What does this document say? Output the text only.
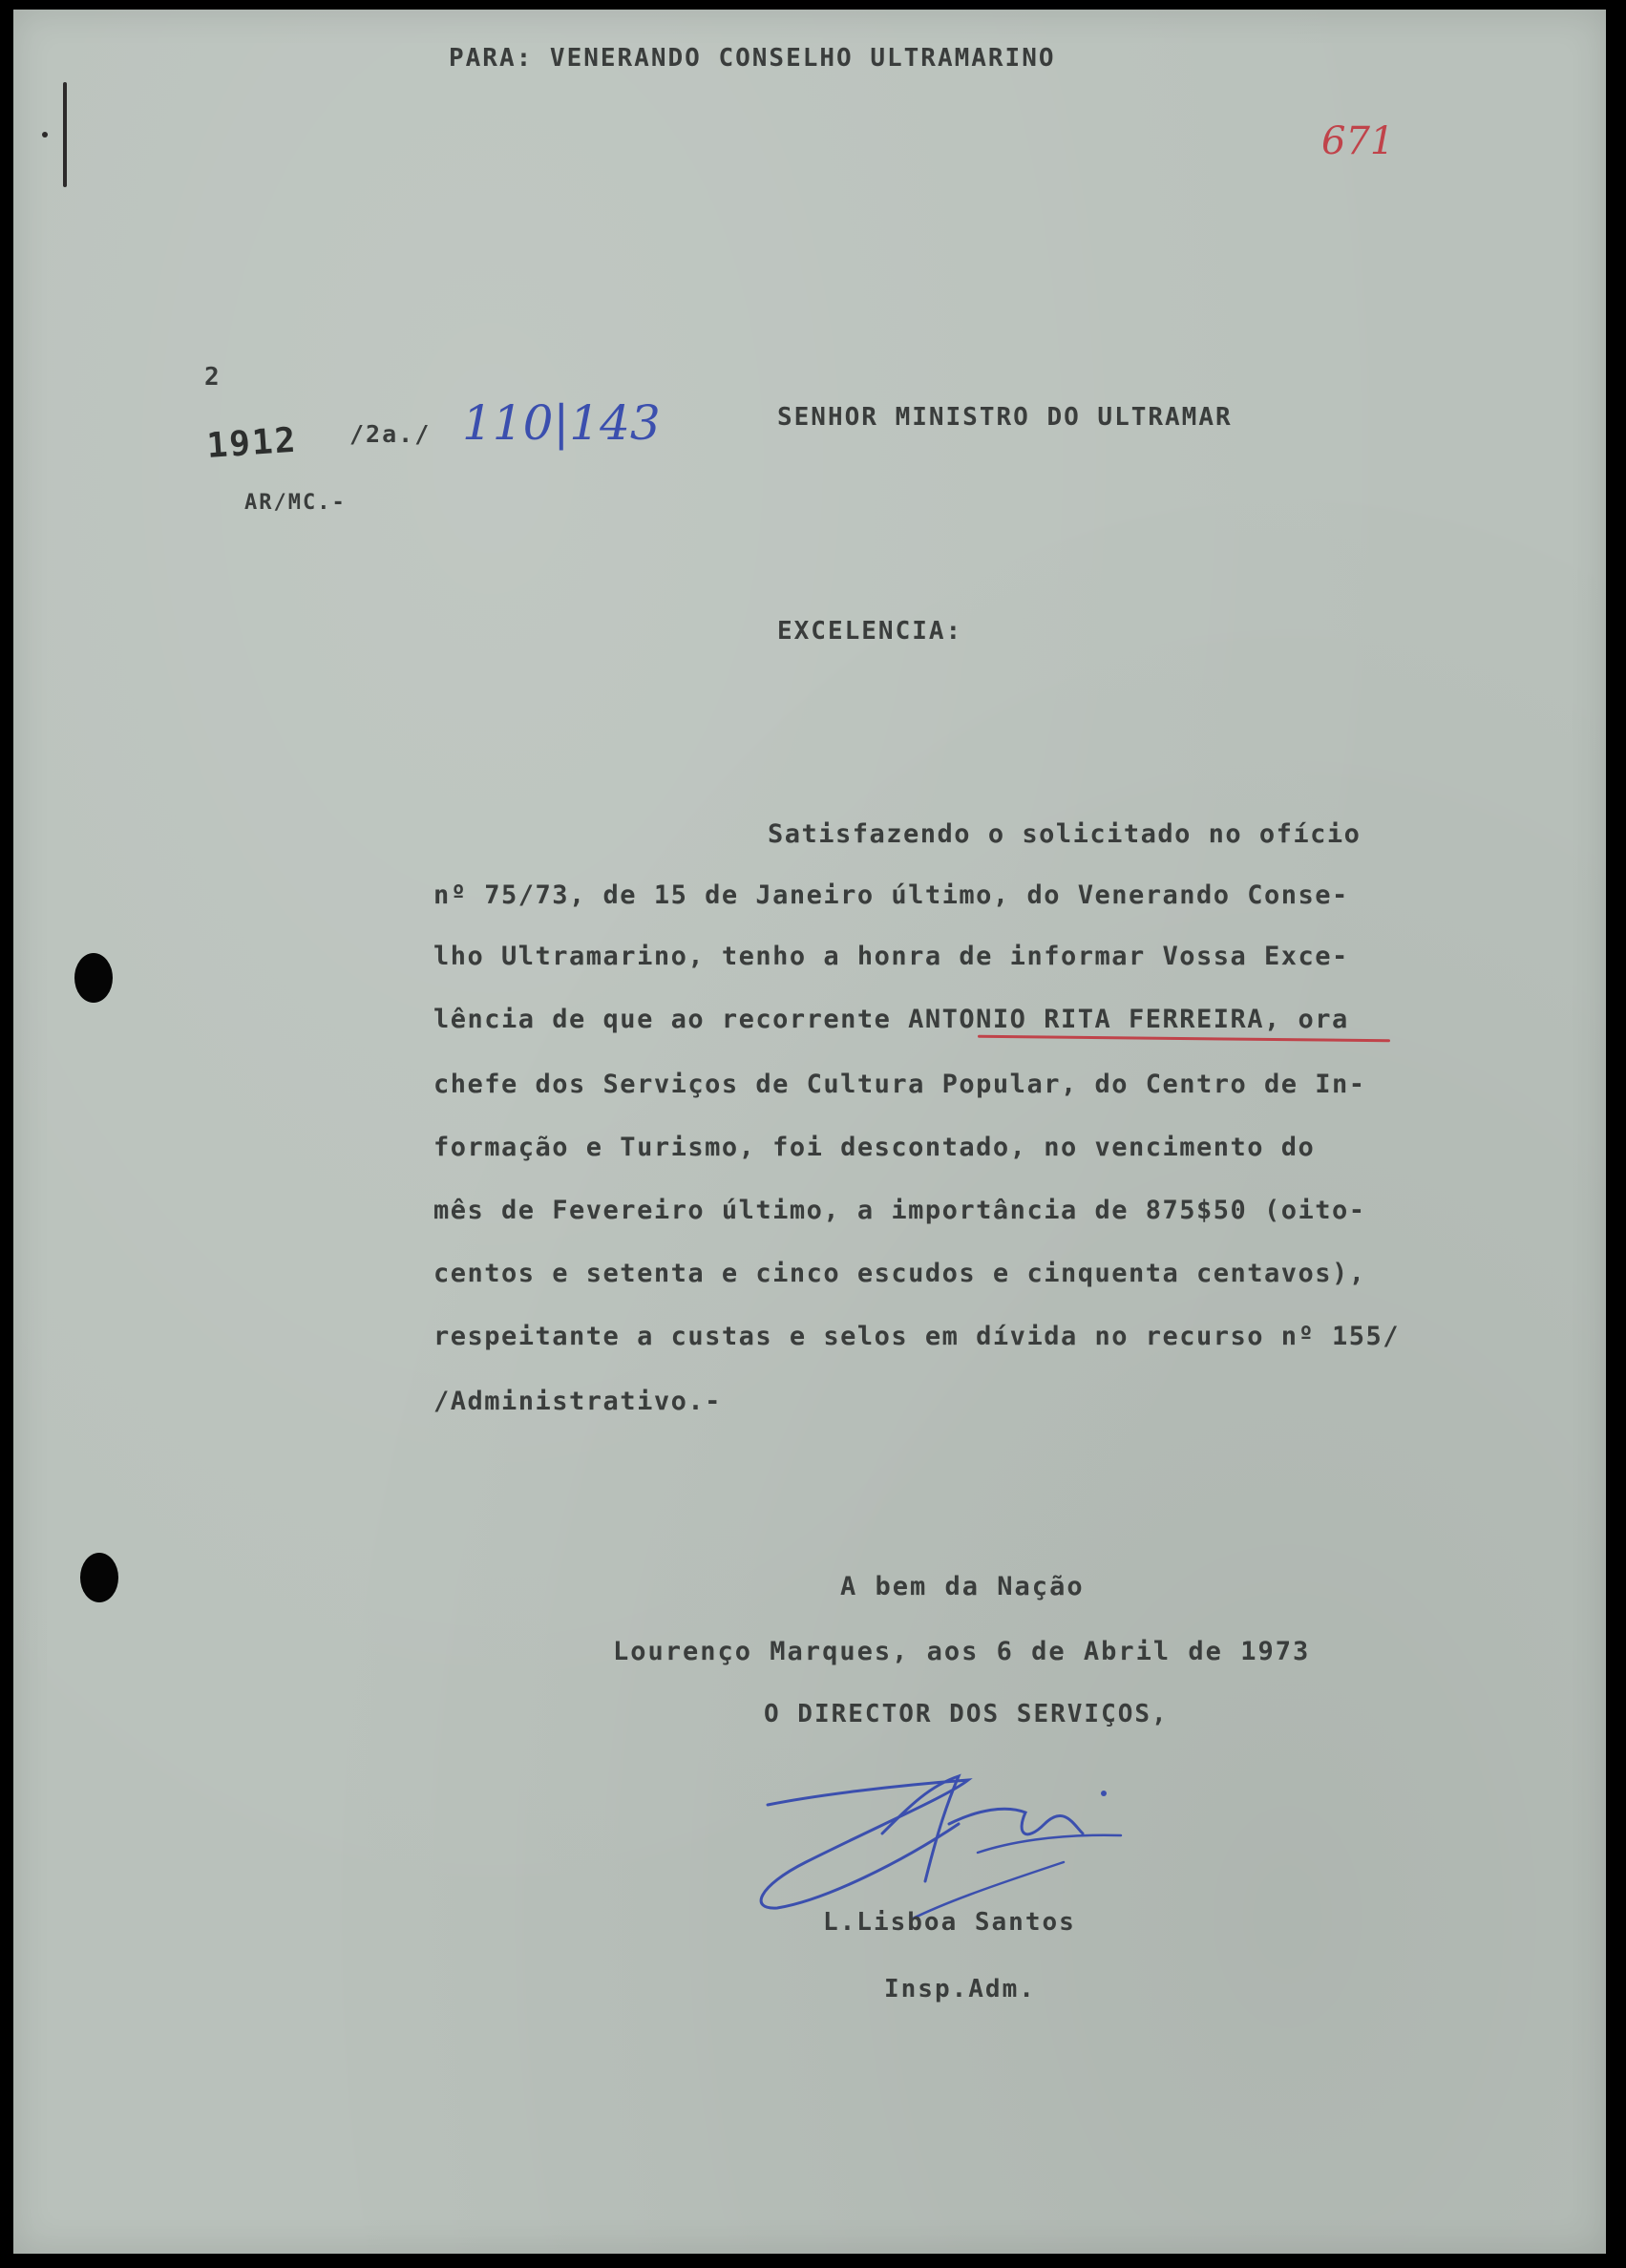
PARA: VENERANDO CONSELHO ULTRAMARINO
671
2
1912 /2a./ 110|143
AR/MC.-
SENHOR MINISTRO DO ULTRAMAR
EXCELENCIA:
Satisfazendo o solicitado no ofício
nº 75/73, de 15 de Janeiro último, do Venerando Conse-
lho Ultramarino, tenho a honra de informar Vossa Exce-
lência de que ao recorrente ANTONIO RITA FERREIRA, ora
chefe dos Serviços de Cultura Popular, do Centro de In-
formação e Turismo, foi descontado, no vencimento do
mês de Fevereiro último, a importância de 875$50 (oito-
centos e setenta e cinco escudos e cinquenta centavos),
respeitante a custas e selos em dívida no recurso nº 155/
/Administrativo.-
A bem da Nação
Lourenço Marques, aos 6 de Abril de 1973
O DIRECTOR DOS SERVIÇOS,
L.Lisboa Santos
Insp.Adm.
